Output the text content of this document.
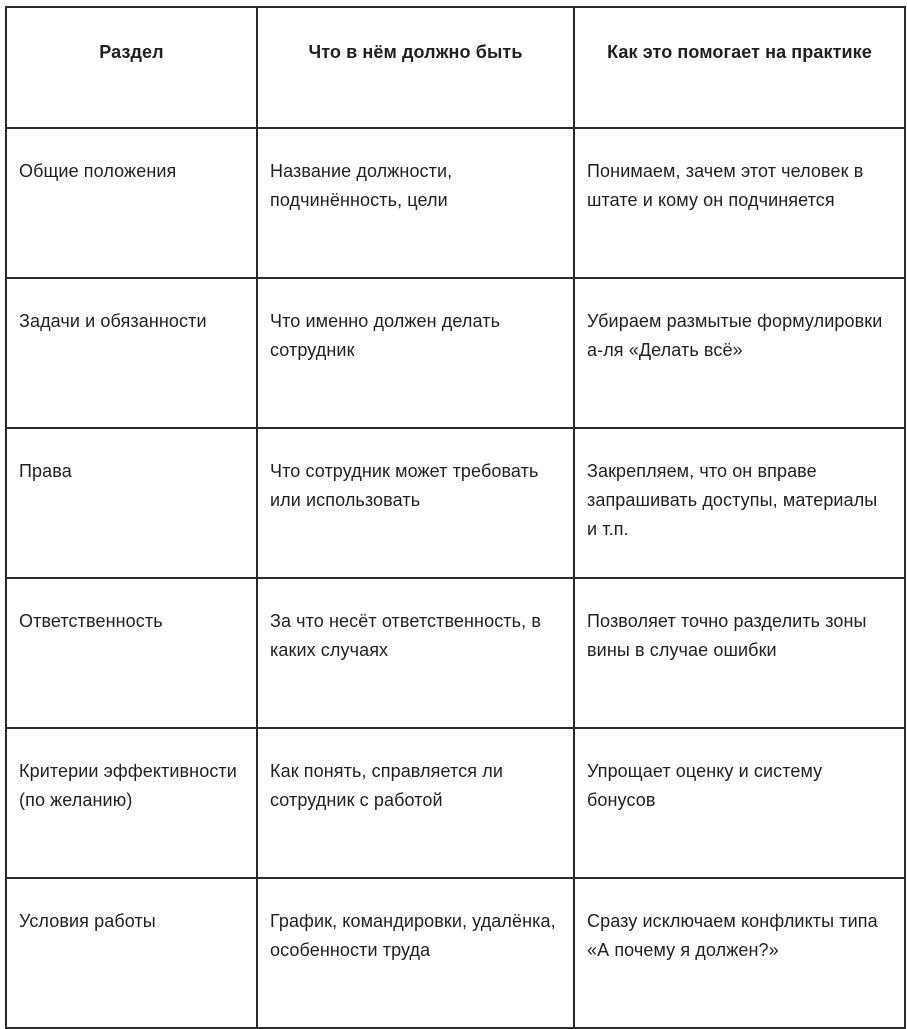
Раздел	Что в нём должно быть	Как это помогает на практике
Общие положения	Название должности, подчинённость, цели	Понимаем, зачем этот человек в штате и кому он подчиняется
Задачи и обязанности	Что именно должен делать сотрудник	Убираем размытые формулировки а-ля «Делать всё»
Права	Что сотрудник может требовать или использовать	Закрепляем, что он вправе запрашивать доступы, материалы и т.п.
Ответственность	За что несёт ответственность, в каких случаях	Позволяет точно разделить зоны вины в случае ошибки
Критерии эффективности (по желанию)	Как понять, справляется ли сотрудник с работой	Упрощает оценку и систему бонусов
Условия работы	График, командировки, удалёнка, особенности труда	Сразу исключаем конфликты типа «А почему я должен?»
